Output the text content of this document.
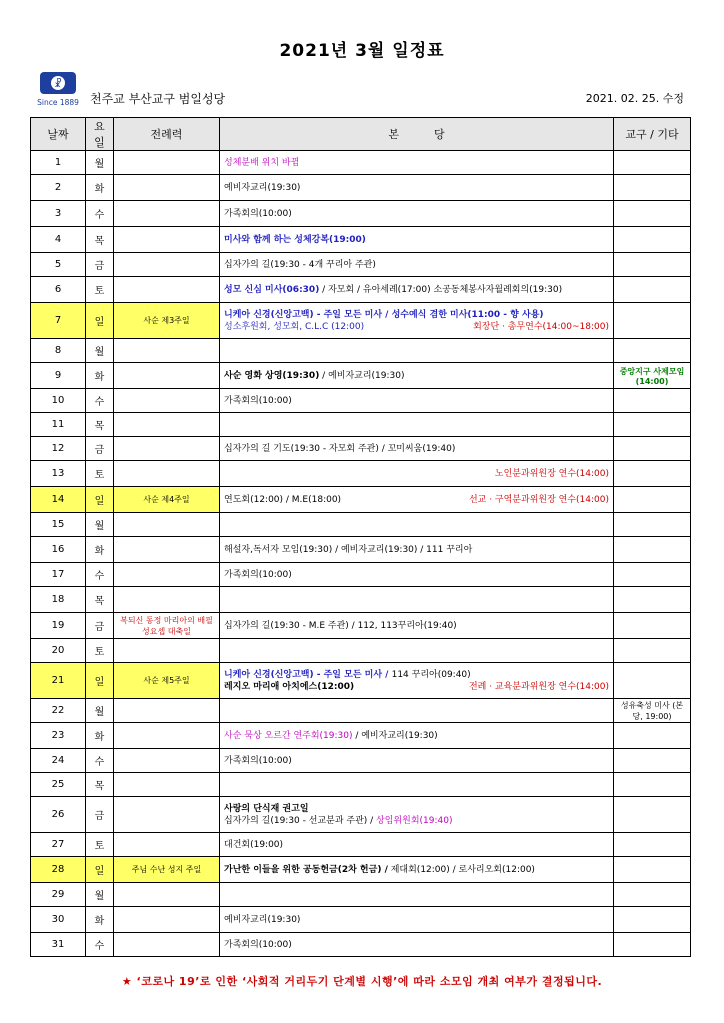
2021년 3월 일정표
☧
Since 1889 천주교 부산교구 범일성당	2021. 02. 25. 수정
날짜	요일	전례력	본          당	교구 / 기타
1	월		성체분배 위치 바뀜	

2	화		예비자교리(19:30)	

3	수		가족회의(10:00)	

4	목		미사와 함께 하는 성체강복(19:00)	

5	금		십자가의 길(19:30 - 4개 꾸리아 주관)	

6	토		성모 신심 미사(06:30) / 자모회 / 유아세례(17:00) 소공동체봉사자월례회의(19:30)	

7	일	사순 제3주일	니케아 신경(신앙고백) - 주일 모든 미사 / 성수예식 겸한 미사(11:00 - 향 사용)
성소후원회, 성모회, C.L.C (12:00) 회장단 · 총무연수(14:00~18:00)	

8	월			
9	화		사순 영화 상영(19:30) / 예비자교리(19:30)	중앙지구 사제모임 (14:00)
10	수		가족회의(10:00)	

11	목			
12	금		십자가의 길 기도(19:30 - 자모회 주관) / 꼬미씨움(19:40)	

13	토		노인분과위원장 연수(14:00)	

14	일	사순 제4주일	연도회(12:00) / M.E(18:00) 선교 · 구역분과위원장 연수(14:00)	

15	월			
16	화		해설자,독서자 모임(19:30) / 예비자교리(19:30) / 111 꾸리아	

17	수		가족회의(10:00)	

18	목			
19	금	복되신 동정 마리아의 배필 성요셉 대축일	십자가의 길(19:30 - M.E 주관) / 112, 113꾸리아(19:40)	

20	토			
21	일	사순 제5주일	니케아 신경(신앙고백) - 주일 모든 미사 / 114 꾸리아(09:40)
레지오 마리애 아치에스(12:00) 전례 · 교육분과위원장 연수(14:00)	

22	월			성유축성 미사 (본당, 19:00)
23	화		사순 묵상 오르간 연주회(19:30) / 예비자교리(19:30)	

24	수		가족회의(10:00)	

25	목			
26	금		사랑의 단식재 권고일
십자가의 길(19:30 - 선교분과 주관) / 상임위원회(19:40)	

27	토		대건회(19:00)	

28	일	주님 수난 성지 주일	가난한 이들을 위한 공동헌금(2차 헌금) / 제대회(12:00) / 로사리오회(12:00)	

29	월			
30	화		예비자교리(19:30)	

31	수		가족회의(10:00)	

★ ‘코로나 19’로 인한 ‘사회적 거리두기 단계별 시행’에 따라 소모임 개최 여부가 결정됩니다.
